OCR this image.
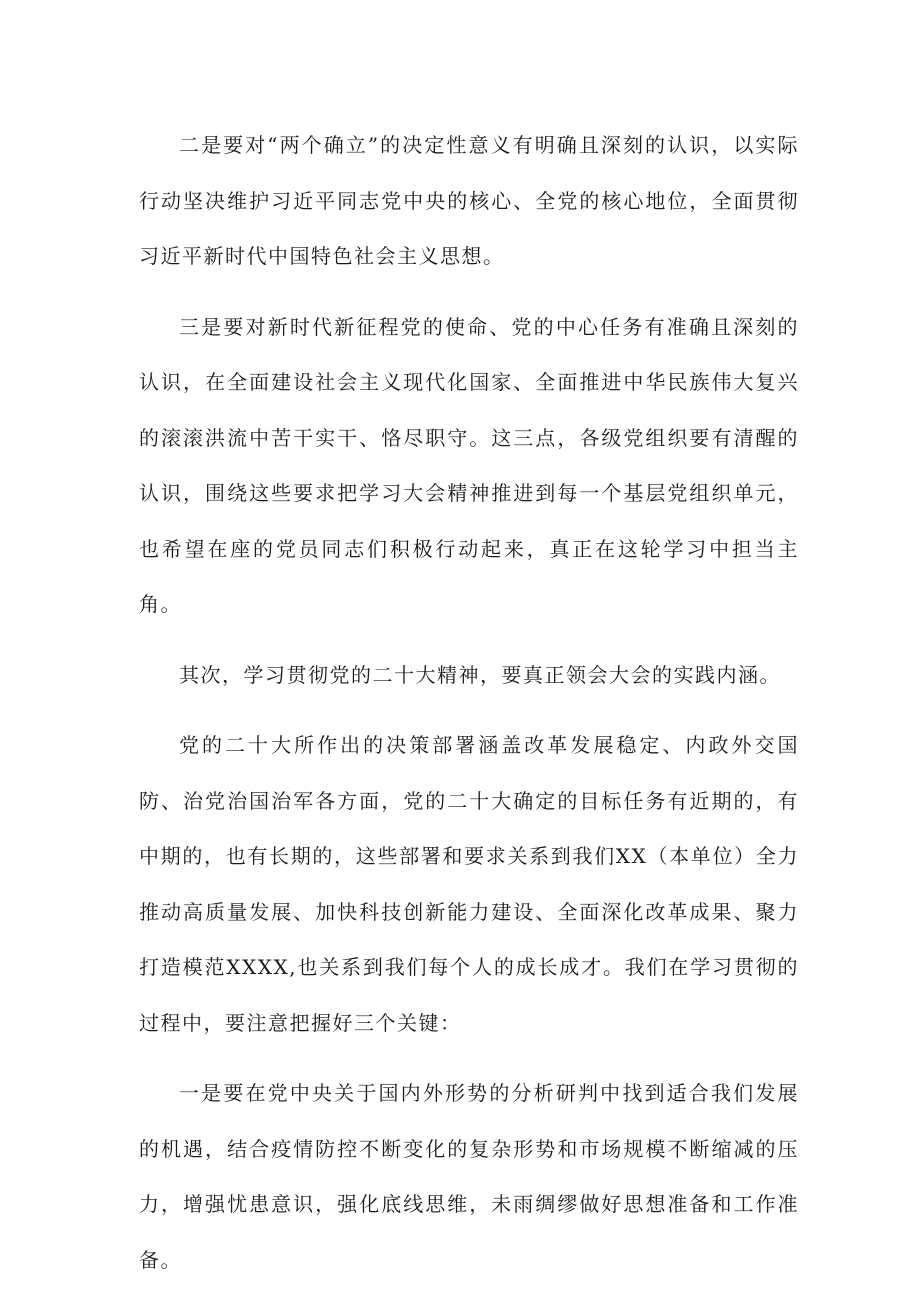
二是要对“两个确立”的决定性意义有明确且深刻的认识，以实际行动坚决维护习近平同志党中央的核心、全党的核心地位，全面贯彻习近平新时代中国特色社会主义思想。

三是要对新时代新征程党的使命、党的中心任务有准确且深刻的认识，在全面建设社会主义现代化国家、全面推进中华民族伟大复兴的滚滚洪流中苦干实干、恪尽职守。这三点，各级党组织要有清醒的认识，围绕这些要求把学习大会精神推进到每一个基层党组织单元，也希望在座的党员同志们积极行动起来，真正在这轮学习中担当主角。

其次，学习贯彻党的二十大精神，要真正领会大会的实践内涵。

党的二十大所作出的决策部署涵盖改革发展稳定、内政外交国防、治党治国治军各方面，党的二十大确定的目标任务有近期的，有中期的，也有长期的，这些部署和要求关系到我们XX（本单位）全力推动高质量发展、加快科技创新能力建设、全面深化改革成果、聚力打造模范XXXX,也关系到我们每个人的成长成才。我们在学习贯彻的过程中，要注意把握好三个关键：

一是要在党中央关于国内外形势的分析研判中找到适合我们发展的机遇，结合疫情防控不断变化的复杂形势和市场规模不断缩减的压力，增强忧患意识，强化底线思维，未雨绸缪做好思想准备和工作准备。
